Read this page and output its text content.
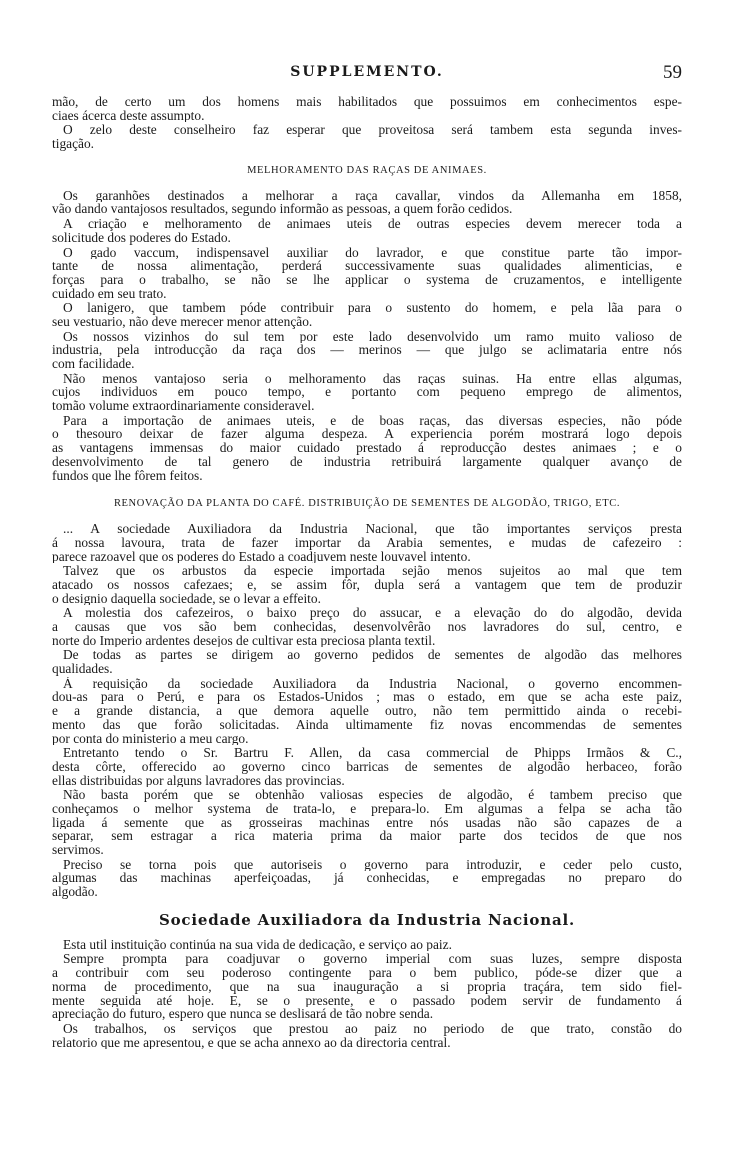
SUPPLEMENTO.	59
mão, de certo um dos homens mais habilitados que possuimos em conhecimentos espe-
ciaes ácerca deste assumpto.
O zelo deste conselheiro faz esperar que proveitosa será tambem esta segunda inves-
tigação.
MELHORAMENTO DAS RAÇAS DE ANIMAES.
Os garanhões destinados a melhorar a raça cavallar, vindos da Allemanha em 1858,
vão dando vantajosos resultados, segundo informão as pessoas, a quem forão cedidos.
A criação e melhoramento de animaes uteis de outras especies devem merecer toda a
solicitude dos poderes do Estado.
O gado vaccum, indispensavel auxiliar do lavrador, e que constitue parte tão impor-
tante de nossa alimentação, perderá successivamente suas qualidades alimenticias, e
forças para o trabalho, se não se lhe applicar o systema de cruzamentos, e intelligente
cuidado em seu trato.
O lanigero, que tambem póde contribuir para o sustento do homem, e pela lãa para o
seu vestuario, não deve merecer menor attenção.
Os nossos vizinhos do sul tem por este lado desenvolvido um ramo muito valioso de
industria, pela introducção da raça dos — merinos — que julgo se aclimataria entre nós
com facilidade.
Não menos vantajoso seria o melhoramento das raças suinas. Ha entre ellas algumas,
cujos individuos em pouco tempo, e portanto com pequeno emprego de alimentos,
tomão volume extraordinariamente consideravel.
Para a importação de animaes uteis, e de boas raças, das diversas especies, não póde
o thesouro deixar de fazer alguma despeza. A experiencia porém mostrará logo depois
as vantagens immensas do maior cuidado prestado á reproducção destes animaes ; e o
desenvolvimento de tal genero de industria retribuirá largamente qualquer avanço de
fundos que lhe fôrem feitos.
RENOVAÇÃO DA PLANTA DO CAFÉ. DISTRIBUIÇÃO DE SEMENTES DE ALGODÃO, TRIGO, ETC.
... A sociedade Auxiliadora da Industria Nacional, que tão importantes serviços presta
á nossa lavoura, trata de fazer importar da Arabia sementes, e mudas de cafezeiro :
parece razoavel que os poderes do Estado a coadjuvem neste louvavel intento.
Talvez que os arbustos da especie importada sejão menos sujeitos ao mal que tem
atacado os nossos cafezaes; e, se assim fôr, dupla será a vantagem que tem de produzir
o designio daquella sociedade, se o levar a effeito.
A molestia dos cafezeiros, o baixo preço do assucar, e a elevação do do algodão, devida
a causas que vos são bem conhecidas, desenvolvêrão nos lavradores do sul, centro, e
norte do Imperio ardentes desejos de cultivar esta preciosa planta textil.
De todas as partes se dirigem ao governo pedidos de sementes de algodão das melhores
qualidades.
Á requisição da sociedade Auxiliadora da Industria Nacional, o governo encommen-
dou-as para o Perú, e para os Estados-Unidos ; mas o estado, em que se acha este paiz,
e a grande distancia, a que demora aquelle outro, não tem permittido ainda o recebi-
mento das que forão solicitadas. Ainda ultimamente fiz novas encommendas de sementes
por conta do ministerio a meu cargo.
Entretanto tendo o Sr. Bartru F. Allen, da casa commercial de Phipps Irmãos & C.,
desta côrte, offerecido ao governo cinco barricas de sementes de algodão herbaceo, forão
ellas distribuidas por alguns lavradores das provincias.
Não basta porém que se obtenhão valiosas especies de algodão, é tambem preciso que
conheçamos o melhor systema de trata-lo, e prepara-lo. Em algumas a felpa se acha tão
ligada á semente que as grosseiras machinas entre nós usadas não são capazes de a
separar, sem estragar a rica materia prima da maior parte dos tecidos de que nos
servimos.
Preciso se torna pois que autoriseis o governo para introduzir, e ceder pelo custo,
algumas das machinas aperfeiçoadas, já conhecidas, e empregadas no preparo do
algodão.
Sociedade Auxiliadora da Industria Nacional.
Esta util instituição continúa na sua vida de dedicação, e serviço ao paiz.
Sempre prompta para coadjuvar o governo imperial com suas luzes, sempre disposta
a contribuir com seu poderoso contingente para o bem publico, póde-se dizer que a
norma de procedimento, que na sua inauguração a si propria traçára, tem sido fiel-
mente seguida até hoje. E, se o presente, e o passado podem servir de fundamento á
apreciação do futuro, espero que nunca se deslisará de tão nobre senda.
Os trabalhos, os serviços que prestou ao paiz no periodo de que trato, constão do
relatorio que me apresentou, e que se acha annexo ao da directoria central.
